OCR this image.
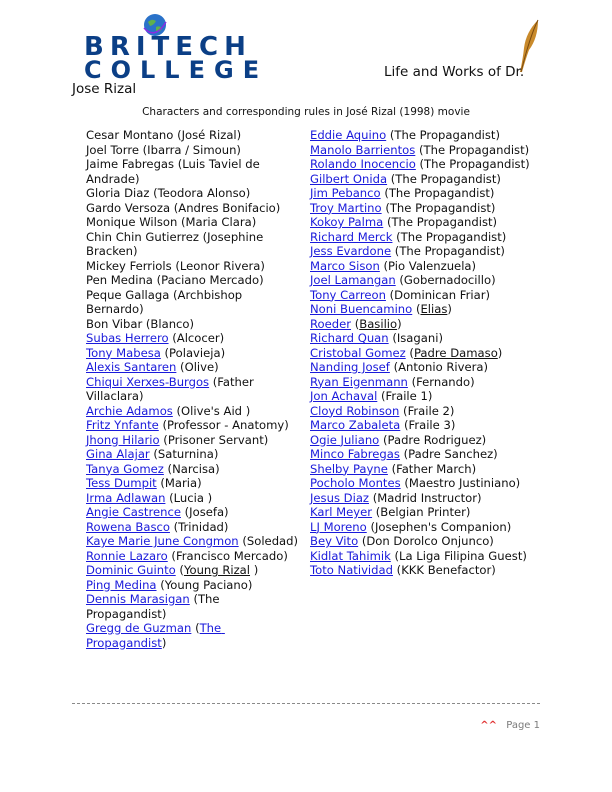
BRITECH
COLLEGE	Life and Works of Dr.
Jose Rizal
Characters and corresponding rules in José Rizal (1998) movie
Cesar Montano (José Rizal)
Joel Torre (Ibarra / Simoun)
Jaime Fabregas (Luis Taviel de Andrade)
Gloria Diaz (Teodora Alonso)
Gardo Versoza (Andres Bonifacio)
Monique Wilson (Maria Clara)
Chin Chin Gutierrez (Josephine Bracken)
Mickey Ferriols (Leonor Rivera)
Pen Medina (Paciano Mercado)
Peque Gallaga (Archbishop Bernardo)
Bon Vibar (Blanco)
Subas Herrero (Alcocer)
Tony Mabesa (Polavieja)
Alexis Santaren (Olive)
Chiqui Xerxes-Burgos (Father Villaclara)
Archie Adamos (Olive's Aid )
Fritz Ynfante (Professor - Anatomy)
Jhong Hilario (Prisoner Servant)
Gina Alajar (Saturnina)
Tanya Gomez (Narcisa)
Tess Dumpit (Maria)
Irma Adlawan (Lucia )
Angie Castrence (Josefa)
Rowena Basco (Trinidad)
Kaye Marie June Congmon (Soledad)
Ronnie Lazaro (Francisco Mercado)
Dominic Guinto (Young Rizal )
Ping Medina (Young Paciano)
Dennis Marasigan (The Propagandist)
Gregg de Guzman (The Propagandist)
Eddie Aquino (The Propagandist)
Manolo Barrientos (The Propagandist)
Rolando Inocencio (The Propagandist)
Gilbert Onida (The Propagandist)
Jim Pebanco (The Propagandist)
Troy Martino (The Propagandist)
Kokoy Palma (The Propagandist)
Richard Merck (The Propagandist)
Jess Evardone (The Propagandist)
Marco Sison (Pio Valenzuela)
Joel Lamangan (Gobernadocillo)
Tony Carreon (Dominican Friar)
Noni Buencamino (Elias)
Roeder (Basilio)
Richard Quan (Isagani)
Cristobal Gomez (Padre Damaso)
Nanding Josef (Antonio Rivera)
Ryan Eigenmann (Fernando)
Jon Achaval (Fraile 1)
Cloyd Robinson (Fraile 2)
Marco Zabaleta (Fraile 3)
Ogie Juliano (Padre Rodriguez)
Minco Fabregas (Padre Sanchez)
Shelby Payne (Father March)
Pocholo Montes (Maestro Justiniano)
Jesus Diaz (Madrid Instructor)
Karl Meyer (Belgian Printer)
LJ Moreno (Josephen's Companion)
Bey Vito (Don Dorolco Onjunco)
Kidlat Tahimik (La Liga Filipina Guest)
Toto Natividad (KKK Benefactor)
^^ Page 1
